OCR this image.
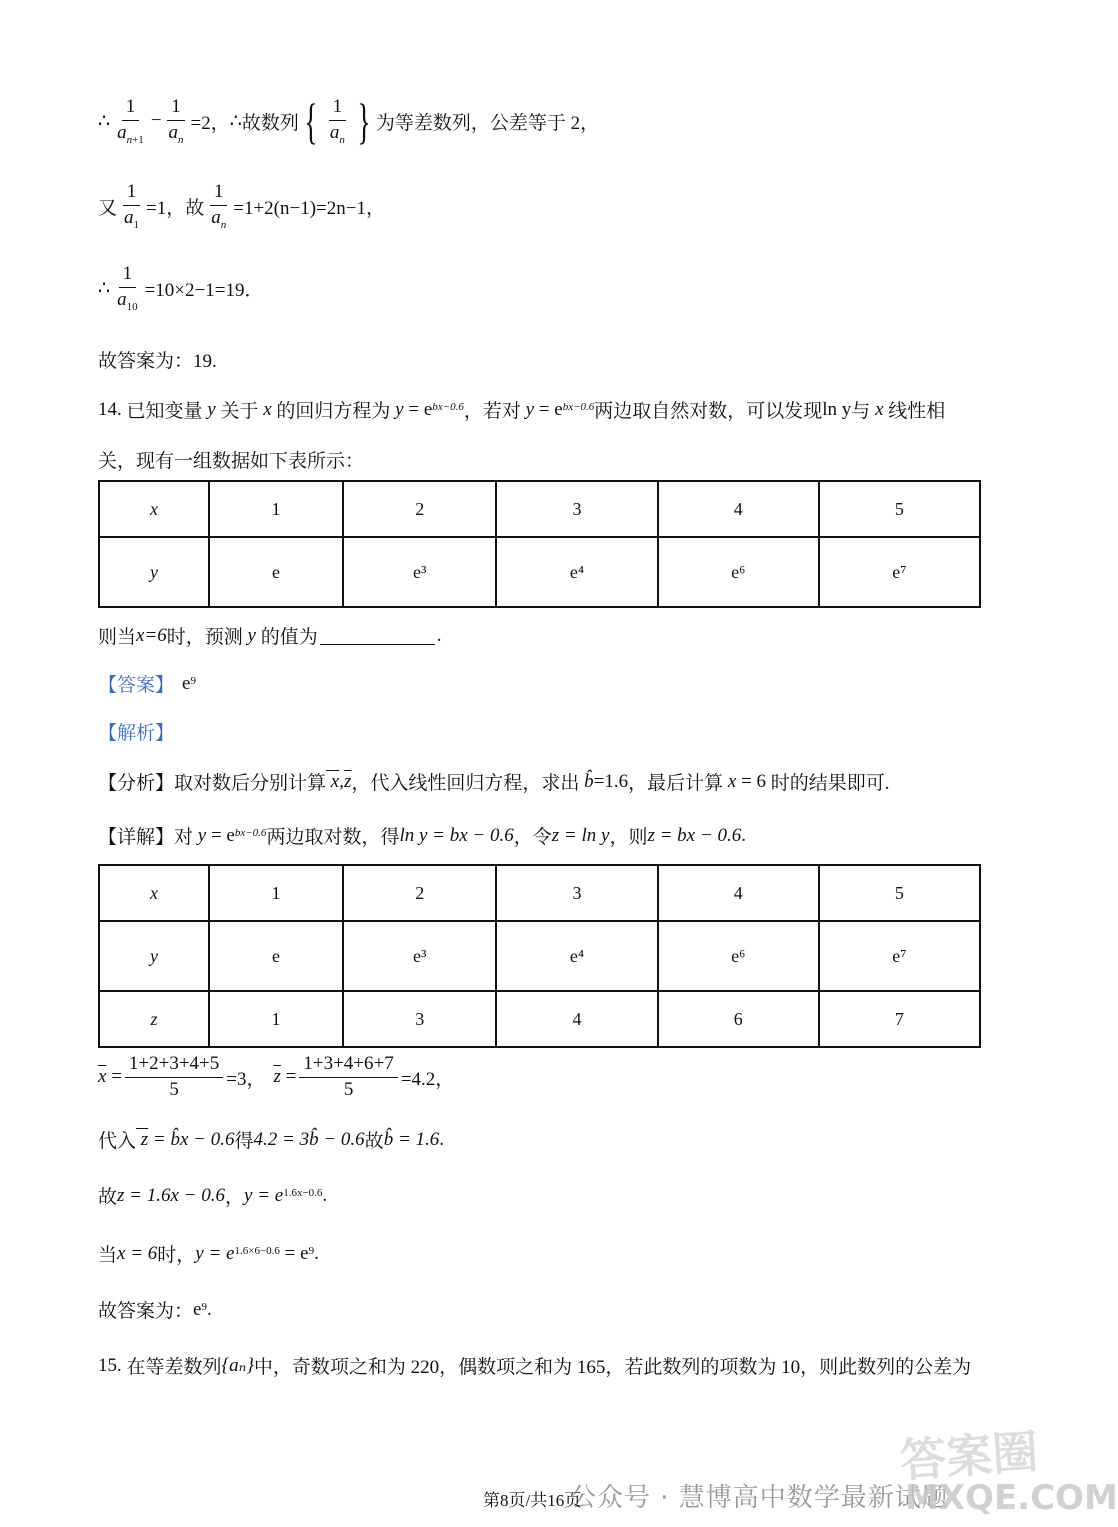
∴ $\frac{1}{a_{n+1}} - \frac{1}{a_n} =2$， ∴ 故数列 { $\frac{1}{a_n}$ } 为等差数列，公差等于 2，
又 $\frac{1}{a_1} =1$，故 $\frac{1}{a_n} =1+2(n-1)=2n-1$，
∴ $\frac{1}{a_{10}} =10\times 2-1=19$．
故答案为：19.
14.
已知变量 y 关于 x 的回归方程为 y = e $^{bx-0.6}$ ，若对 y = e $^{bx-0.6}$ 两边取自然对数，可以发现 ln y 与 x 线性相
关，现有一组数据如下表所示：
x	1	2	3	4	5
y	e	e³	e⁴	e⁶	e⁷
则当 x=6 时，预测 y 的值为	.
【答案】 $e^9$
【解析】
【分析】 取对数后分别计算 x , $\overline{z}$ ，代入线性回归方程，求出 b̂ =1.6 ，最后计算 x = 6 时的结果即可.
【详解】 对 y = e $^{bx-0.6}$ 两边取对数，得 ln y = bx − 0.6 ，令 z = ln y ，则 z = bx − 0.6 .
x	1	2	3	4	5
y	e	e³	e⁴	e⁶	e⁷
z	1	3	4	6	7
$\overline{x} = \frac{1+2+3+4+5}{5} =3$， $\overline{z} = \frac{1+3+4+6+7}{5} =4.2$，
代入 z
= b̂x − 0.6 得 4.2 = 3b̂ − 0.6 故 b̂ = 1.6 .
故 z = 1.6x − 0.6 ， $y = e^{1.6x-0.6}$ .
当 x = 6 时， $y = e^{1.6\times 6-0.6}$
= $e^9$ .
故答案为： $e^9$ .
15.
在等差数列 {aₙ} 中，奇数项之和为 220，偶数项之和为 165，若此数列的项数为 10，则此数列的公差为
答案圈
公众号 · 慧博高中数学最新试题
MXQE.COM
第8页/共16页
